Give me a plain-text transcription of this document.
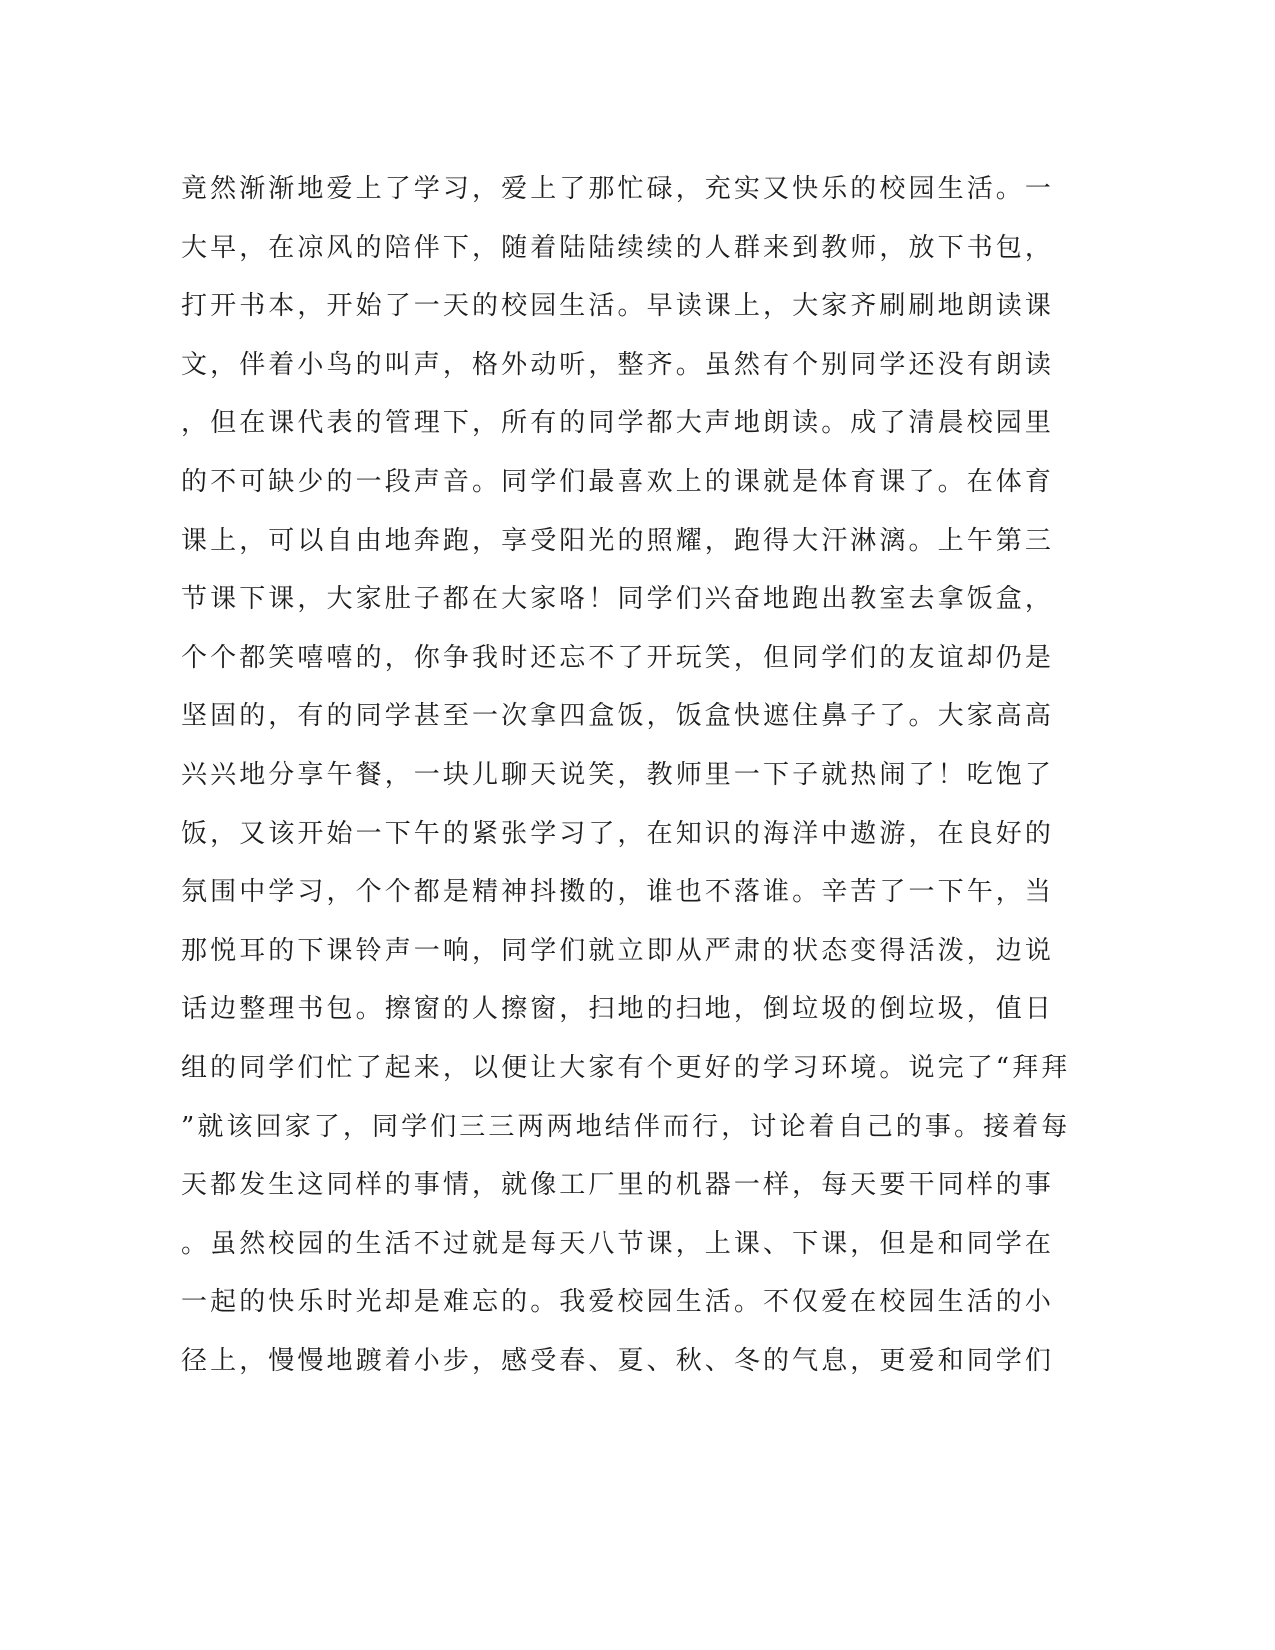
竟然渐渐地爱上了学习，爱上了那忙碌，充实又快乐的校园生活。一
大早，在凉风的陪伴下，随着陆陆续续的人群来到教师，放下书包，
打开书本，开始了一天的校园生活。早读课上，大家齐刷刷地朗读课
文，伴着小鸟的叫声，格外动听，整齐。虽然有个别同学还没有朗读
，但在课代表的管理下，所有的同学都大声地朗读。成了清晨校园里
的不可缺少的一段声音。同学们最喜欢上的课就是体育课了。在体育
课上，可以自由地奔跑，享受阳光的照耀，跑得大汗淋漓。上午第三
节课下课，大家肚子都在大家咯！同学们兴奋地跑出教室去拿饭盒，
个个都笑嘻嘻的，你争我时还忘不了开玩笑，但同学们的友谊却仍是
坚固的，有的同学甚至一次拿四盒饭，饭盒快遮住鼻子了。大家高高
兴兴地分享午餐，一块儿聊天说笑，教师里一下子就热闹了！吃饱了
饭，又该开始一下午的紧张学习了，在知识的海洋中遨游，在良好的
氛围中学习，个个都是精神抖擞的，谁也不落谁。辛苦了一下午，当
那悦耳的下课铃声一响，同学们就立即从严肃的状态变得活泼，边说
话边整理书包。擦窗的人擦窗，扫地的扫地，倒垃圾的倒垃圾，值日
组的同学们忙了起来，以便让大家有个更好的学习环境。说完了“拜拜
”就该回家了，同学们三三两两地结伴而行，讨论着自己的事。接着每
天都发生这同样的事情，就像工厂里的机器一样，每天要干同样的事
。虽然校园的生活不过就是每天八节课，上课、下课，但是和同学在
一起的快乐时光却是难忘的。我爱校园生活。不仅爱在校园生活的小
径上，慢慢地踱着小步，感受春、夏、秋、冬的气息，更爱和同学们
